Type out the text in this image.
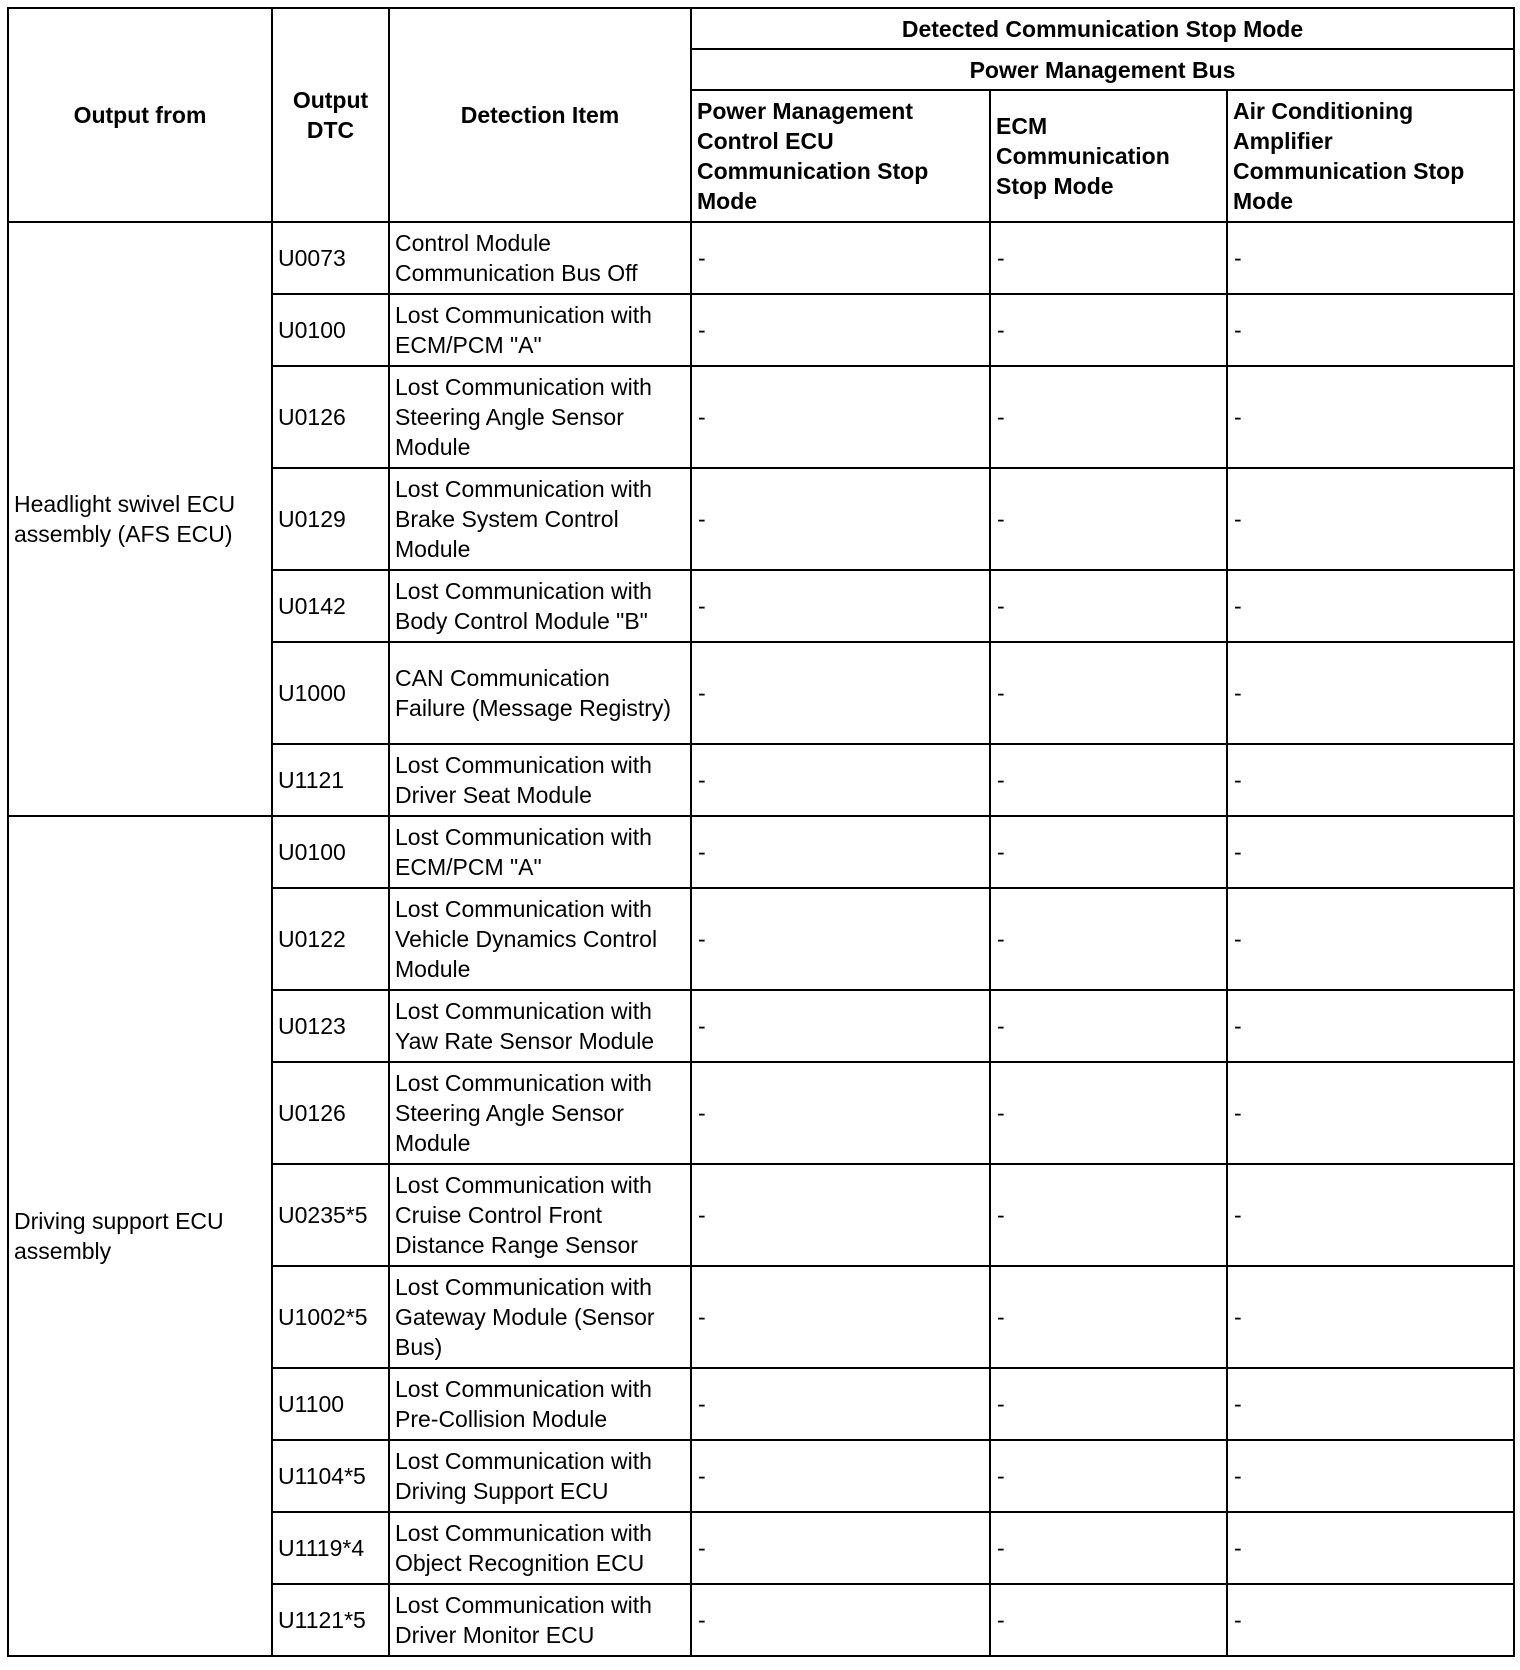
Output from	Output DTC	Detection Item	Detected Communication Stop Mode		
			Power Management Bus		
			Power Management Control ECU Communication Stop Mode	ECM Communication Stop Mode	Air Conditioning Amplifier Communication Stop Mode
Headlight swivel ECU assembly (AFS ECU)	U0073	Control Module Communication Bus Off	-	-	-
	U0100	Lost Communication with ECM/PCM "A"	-	-	-
	U0126	Lost Communication with Steering Angle Sensor Module	-	-	-
	U0129	Lost Communication with Brake System Control Module	-	-	-
	U0142	Lost Communication with Body Control Module "B"	-	-	-
	U1000	CAN Communication Failure (Message Registry)	-	-	-
	U1121	Lost Communication with Driver Seat Module	-	-	-
Driving support ECU assembly	U0100	Lost Communication with ECM/PCM "A"	-	-	-
	U0122	Lost Communication with Vehicle Dynamics Control Module	-	-	-
	U0123	Lost Communication with Yaw Rate Sensor Module	-	-	-
	U0126	Lost Communication with Steering Angle Sensor Module	-	-	-
	U0235*5	Lost Communication with Cruise Control Front Distance Range Sensor	-	-	-
	U1002*5	Lost Communication with Gateway Module (Sensor Bus)	-	-	-
	U1100	Lost Communication with Pre-Collision Module	-	-	-
	U1104*5	Lost Communication with Driving Support ECU	-	-	-
	U1119*4	Lost Communication with Object Recognition ECU	-	-	-
	U1121*5	Lost Communication with Driver Monitor ECU	-	-	-
